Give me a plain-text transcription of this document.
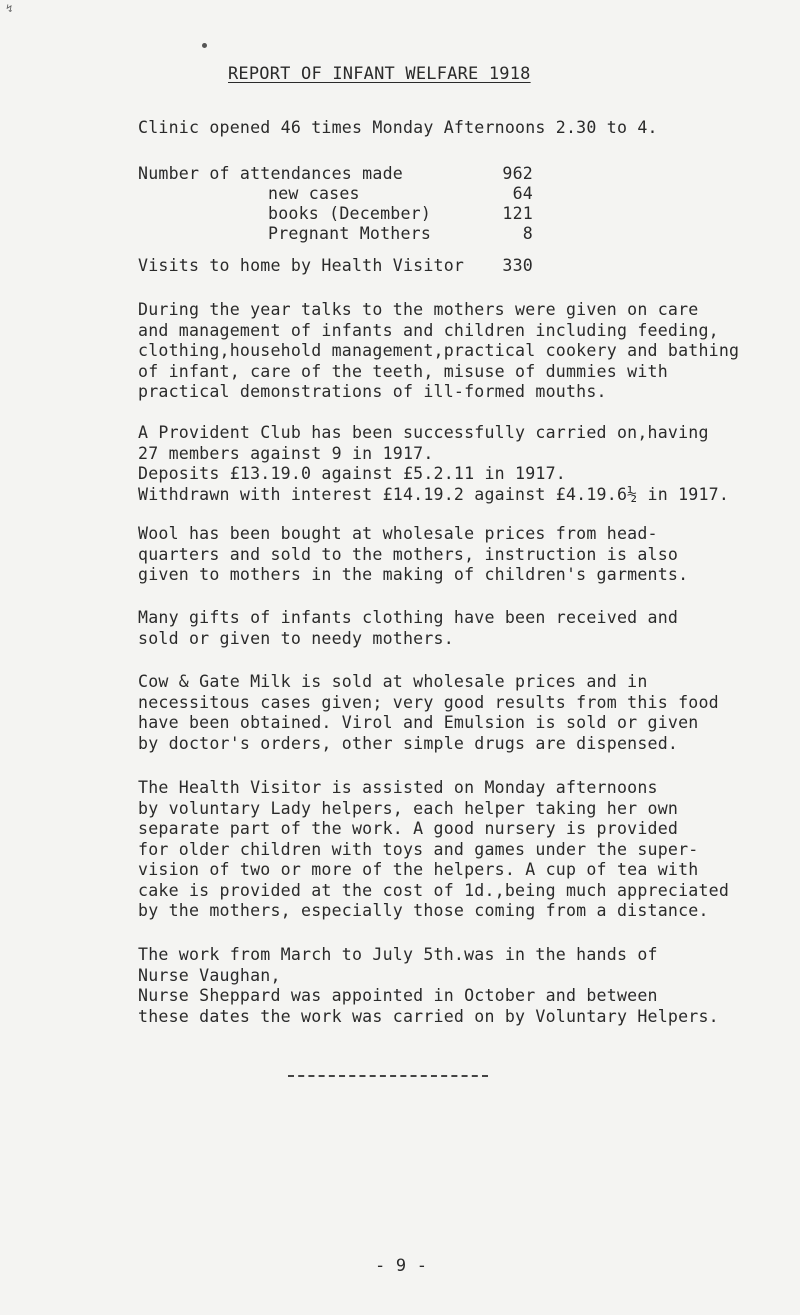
↯
REPORT OF INFANT WELFARE 1918
Clinic opened 46 times Monday Afternoons 2.30 to 4.
Number of attendances made	962
new cases	64
books (December)	121
Pregnant Mothers	8
Visits to home by Health Visitor	330
During the year talks to the mothers were given on care
and management of infants and children including feeding,
clothing,household management,practical cookery and bathing
of infant, care of the teeth, misuse of dummies with
practical demonstrations of ill-formed mouths.
A Provident Club has been successfully carried on,having
27 members against 9 in 1917.
Deposits £13.19.0 against £5.2.11 in 1917.
Withdrawn with interest £14.19.2 against £4.19.6½ in 1917.
Wool has been bought at wholesale prices from head-
quarters and sold to the mothers, instruction is also
given to mothers in the making of children's garments.
Many gifts of infants clothing have been received and
sold or given to needy mothers.
Cow & Gate Milk is sold at wholesale prices and in
necessitous cases given; very good results from this food
have been obtained. Virol and Emulsion is sold or given
by doctor's orders, other simple drugs are dispensed.
The Health Visitor is assisted on Monday afternoons
by voluntary Lady helpers, each helper taking her own
separate part of the work. A good nursery is provided
for older children with toys and games under the super-
vision of two or more of the helpers. A cup of tea with
cake is provided at the cost of 1d.,being much appreciated
by the mothers, especially those coming from a distance.
The work from March to July 5th.was in the hands of
Nurse Vaughan,
Nurse Sheppard was appointed in October and between
these dates the work was carried on by Voluntary Helpers.
- 9 -
